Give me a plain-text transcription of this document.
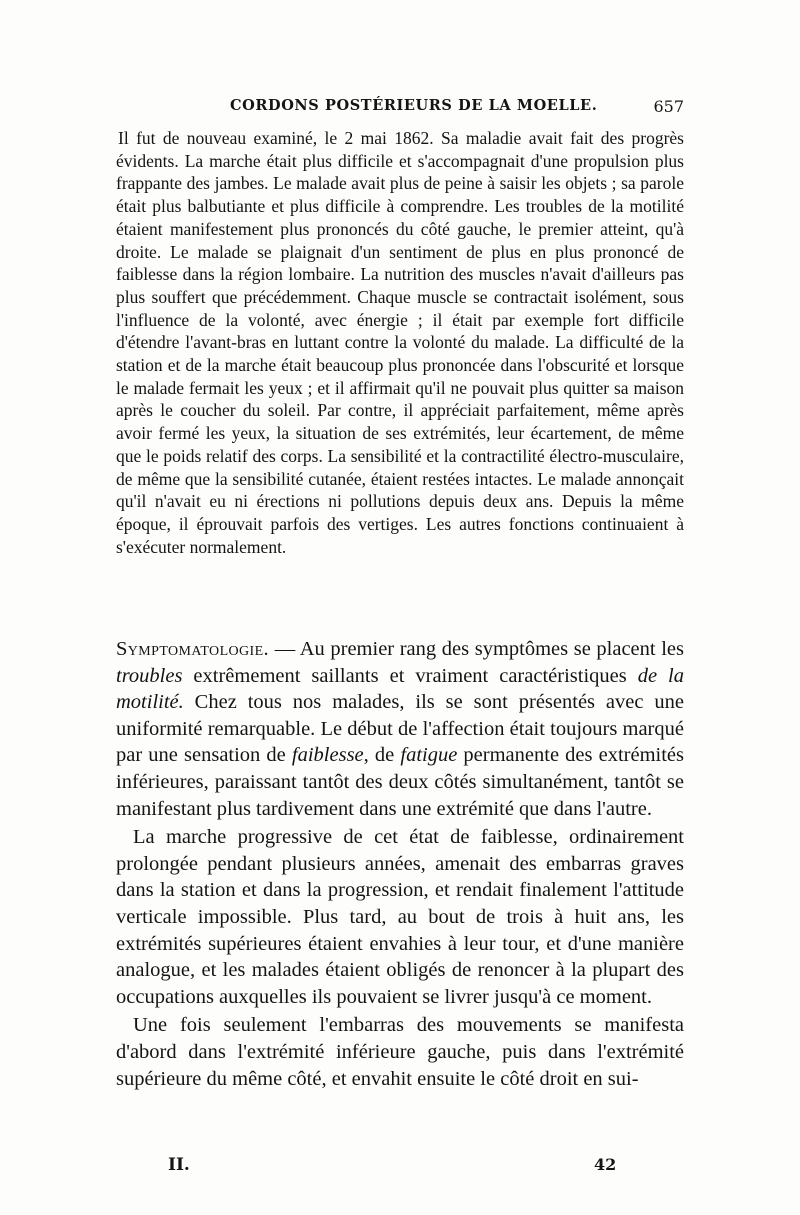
CORDONS POSTÉRIEURS DE LA MOELLE.	657

Il fut de nouveau examiné, le 2 mai 1862. Sa maladie avait fait des progrès évidents. La marche était plus difficile et s'accompagnait d'une propulsion plus frappante des jambes. Le malade avait plus de peine à saisir les objets ; sa parole était plus balbutiante et plus difficile à comprendre. Les troubles de la motilité étaient manifestement plus prononcés du côté gauche, le premier atteint, qu'à droite. Le malade se plaignait d'un sentiment de plus en plus prononcé de faiblesse dans la région lombaire. La nutrition des muscles n'avait d'ailleurs pas plus souffert que précédemment. Chaque muscle se contractait isolément, sous l'influence de la volonté, avec énergie ; il était par exemple fort difficile d'étendre l'avant-bras en luttant contre la volonté du malade. La difficulté de la station et de la marche était beaucoup plus prononcée dans l'obscurité et lorsque le malade fermait les yeux ; et il affirmait qu'il ne pouvait plus quitter sa maison après le coucher du soleil. Par contre, il appréciait parfaitement, même après avoir fermé les yeux, la situation de ses extrémités, leur écartement, de même que le poids relatif des corps. La sensibilité et la contractilité électro-musculaire, de même que la sensibilité cutanée, étaient restées intactes. Le malade annonçait qu'il n'avait eu ni érections ni pollutions depuis deux ans. Depuis la même époque, il éprouvait parfois des vertiges. Les autres fonctions continuaient à s'exécuter normalement.

Symptomatologie. — Au premier rang des symptômes se placent les troubles extrêmement saillants et vraiment caractéristiques de la motilité. Chez tous nos malades, ils se sont présentés avec une uniformité remarquable. Le début de l'affection était toujours marqué par une sensation de faiblesse, de fatigue permanente des extrémités inférieures, paraissant tantôt des deux côtés simultanément, tantôt se manifestant plus tardivement dans une extrémité que dans l'autre.

La marche progressive de cet état de faiblesse, ordinairement prolongée pendant plusieurs années, amenait des embarras graves dans la station et dans la progression, et rendait finalement l'attitude verticale impossible. Plus tard, au bout de trois à huit ans, les extrémités supérieures étaient envahies à leur tour, et d'une manière analogue, et les malades étaient obligés de renoncer à la plupart des occupations auxquelles ils pouvaient se livrer jusqu'à ce moment.

Une fois seulement l'embarras des mouvements se manifesta d'abord dans l'extrémité inférieure gauche, puis dans l'extrémité supérieure du même côté, et envahit ensuite le côté droit en sui-

II.	42
